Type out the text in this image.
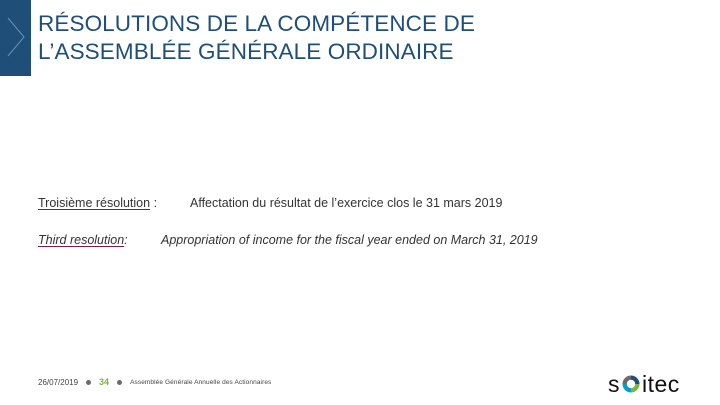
RÉSOLUTIONS DE LA COMPÉTENCE DE
L’ASSEMBLÉE GÉNÉRALE ORDINAIRE
Troisième résolution :	Affectation du résultat de l’exercice clos le 31 mars 2019
Third resolution:	Appropriation of income for the fiscal year ended on March 31, 2019
26/07/2019 34	Assemblée Générale Annuelle des Actionnaires	s itec
